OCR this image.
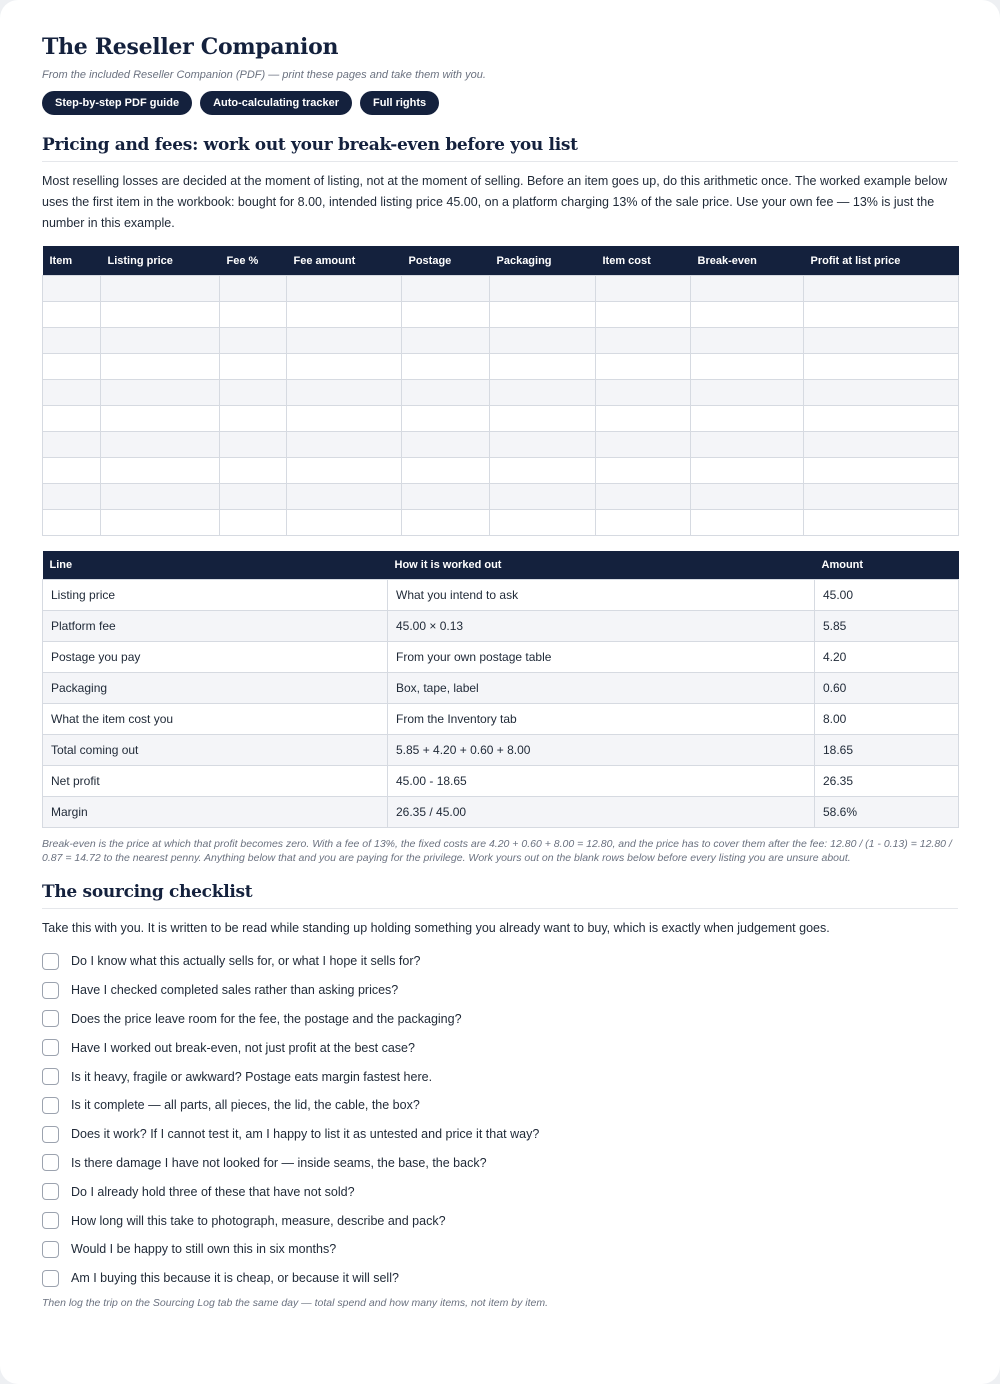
The Reseller Companion
From the included Reseller Companion (PDF) — print these pages and take them with you.
Step-by-step PDF guide	Auto-calculating tracker	Full rights
Pricing and fees: work out your break-even before you list
Most reselling losses are decided at the moment of listing, not at the moment of selling. Before an item goes up, do this arithmetic once. The worked example below uses the first item in the workbook: bought for 8.00, intended listing price 45.00, on a platform charging 13% of the sale price. Use your own fee — 13% is just the number in this example.
Item	Listing price	Fee %	Fee amount	Postage	Packaging	Item cost	Break-even	Profit at list price

Line	How it is worked out	Amount
Listing price	What you intend to ask	45.00
Platform fee	45.00 × 0.13	5.85
Postage you pay	From your own postage table	4.20
Packaging	Box, tape, label	0.60
What the item cost you	From the Inventory tab	8.00
Total coming out	5.85 + 4.20 + 0.60 + 8.00	18.65
Net profit	45.00 - 18.65	26.35
Margin	26.35 / 45.00	58.6%
Break-even is the price at which that profit becomes zero. With a fee of 13%, the fixed costs are 4.20 + 0.60 + 8.00 = 12.80, and the price has to cover them after the fee: 12.80 / (1 - 0.13) = 12.80 / 0.87 = 14.72 to the nearest penny. Anything below that and you are paying for the privilege. Work yours out on the blank rows below before every listing you are unsure about.
The sourcing checklist
Take this with you. It is written to be read while standing up holding something you already want to buy, which is exactly when judgement goes.
Do I know what this actually sells for, or what I hope it sells for?
Have I checked completed sales rather than asking prices?
Does the price leave room for the fee, the postage and the packaging?
Have I worked out break-even, not just profit at the best case?
Is it heavy, fragile or awkward? Postage eats margin fastest here.
Is it complete — all parts, all pieces, the lid, the cable, the box?
Does it work? If I cannot test it, am I happy to list it as untested and price it that way?
Is there damage I have not looked for — inside seams, the base, the back?
Do I already hold three of these that have not sold?
How long will this take to photograph, measure, describe and pack?
Would I be happy to still own this in six months?
Am I buying this because it is cheap, or because it will sell?
Then log the trip on the Sourcing Log tab the same day — total spend and how many items, not item by item.
